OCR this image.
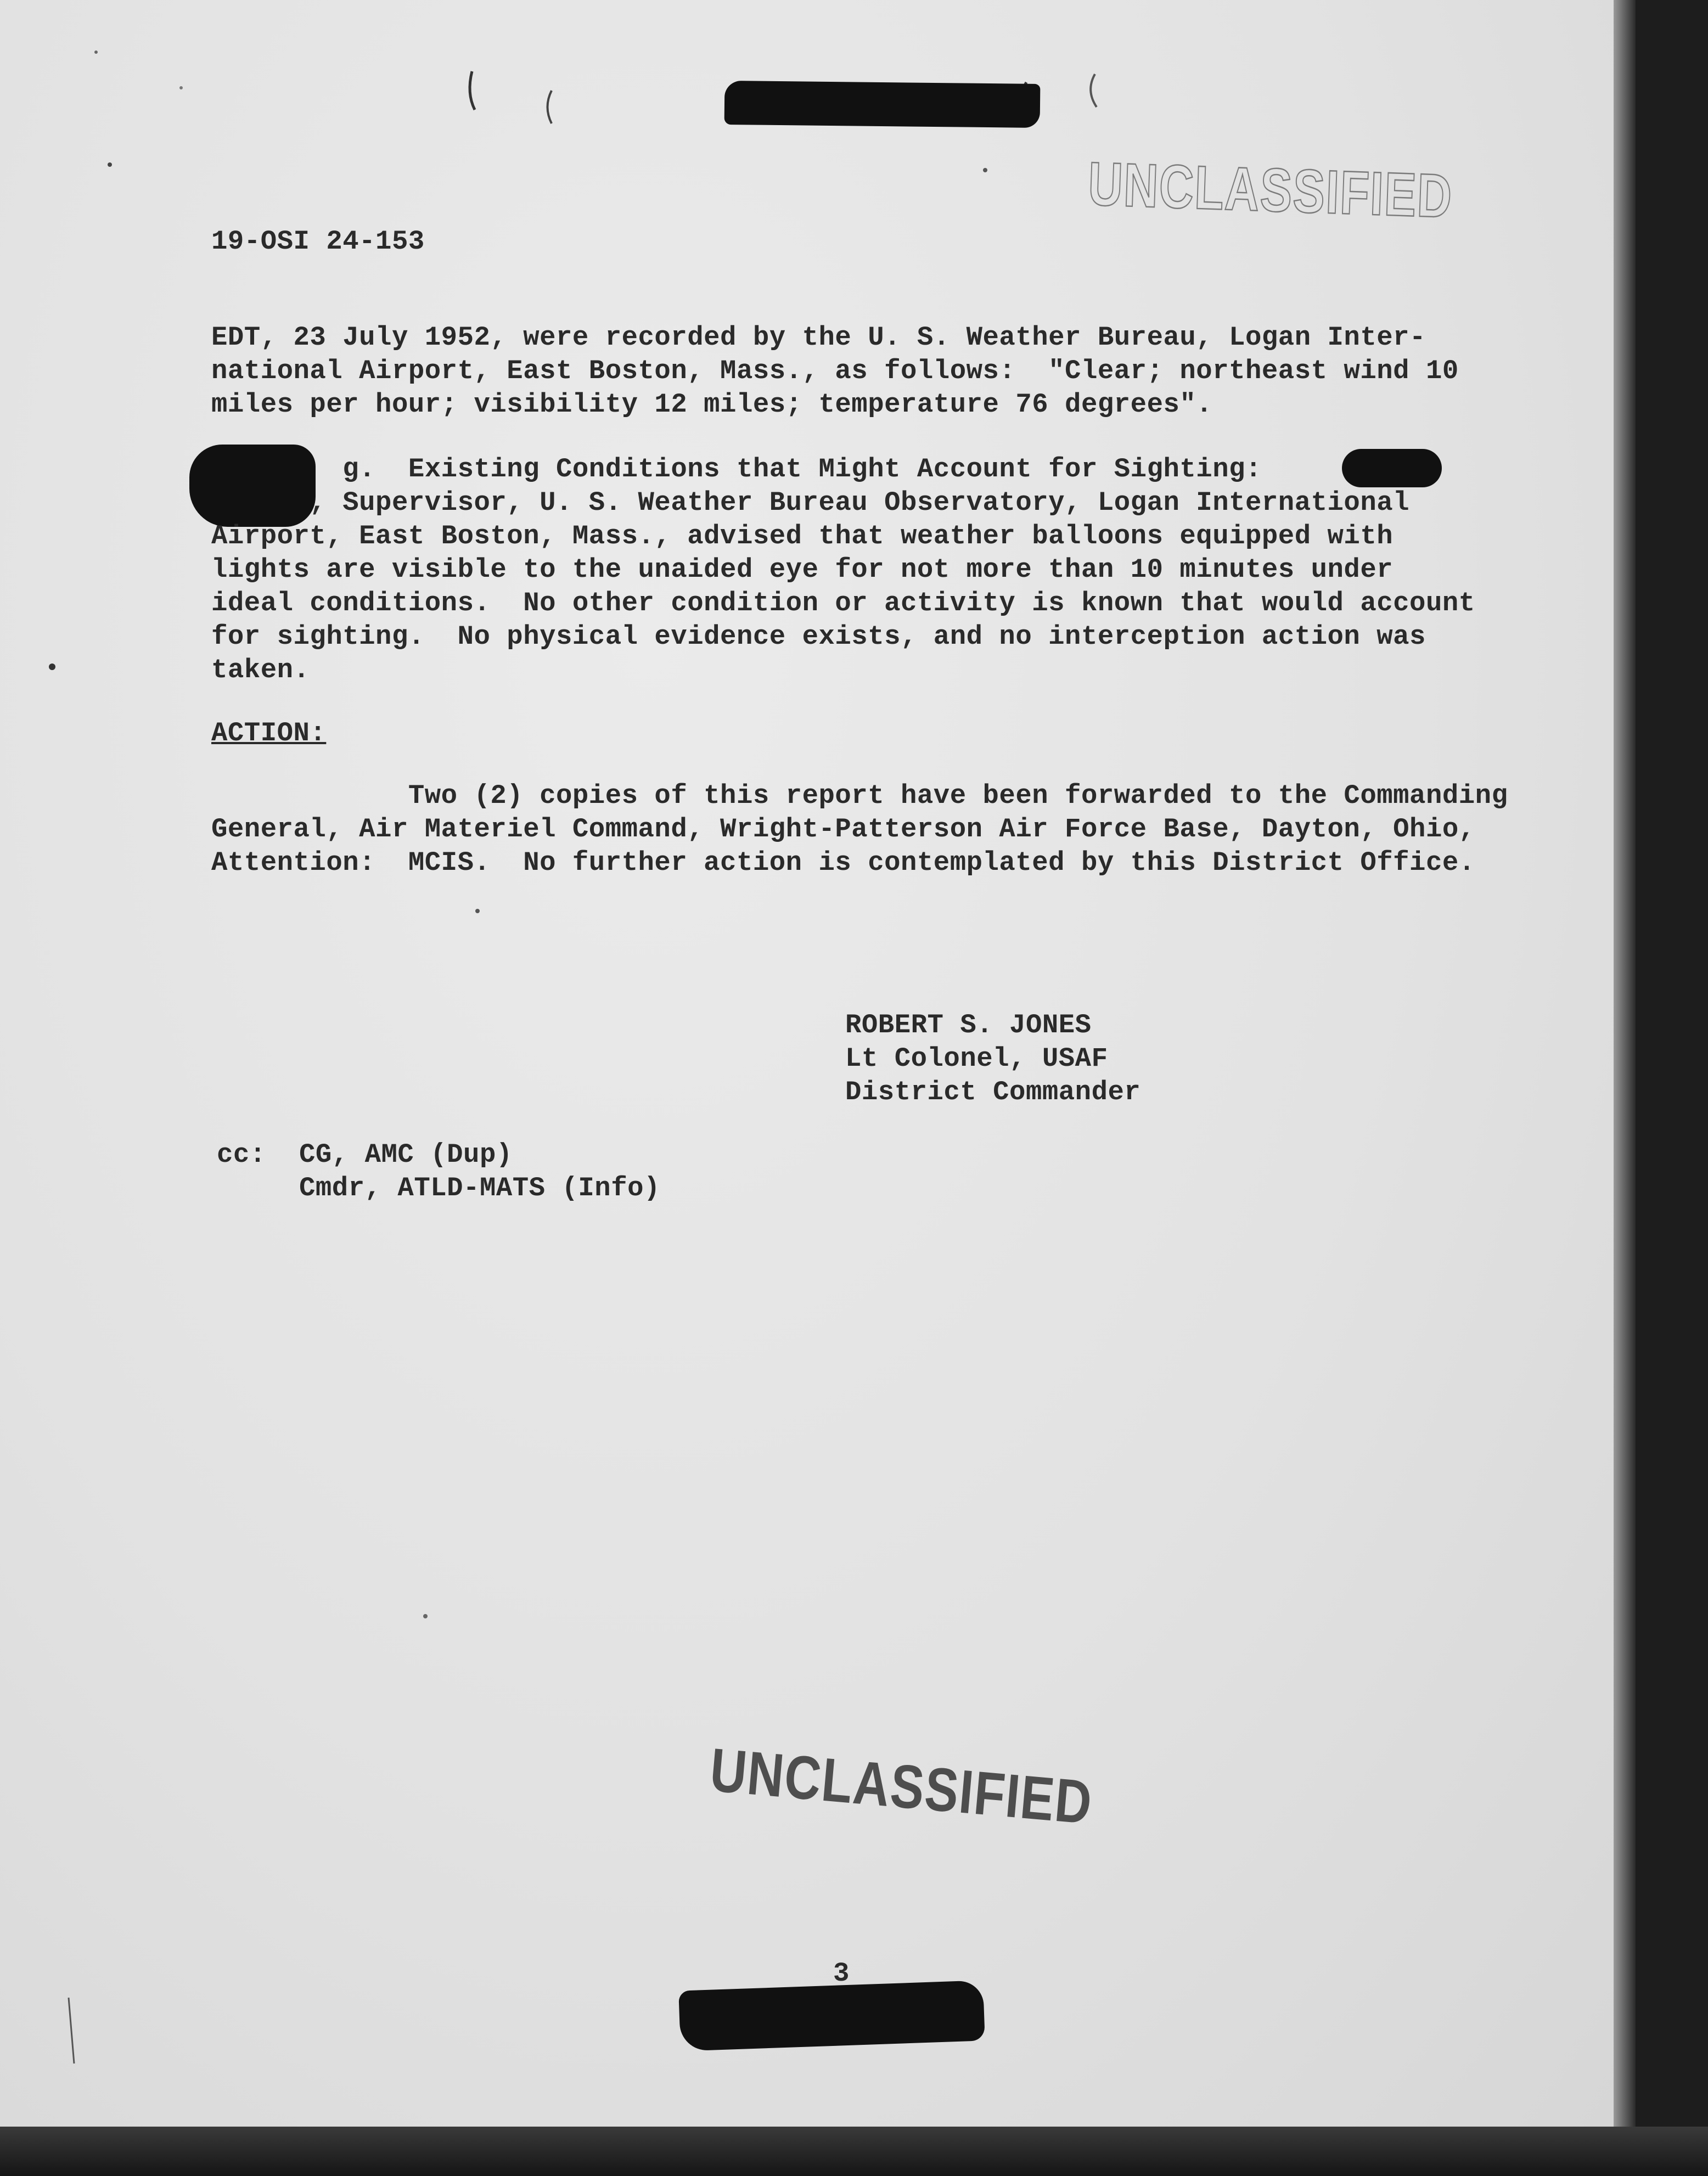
UNCLASSIFIED

19-OSI 24-153

EDT, 23 July 1952, were recorded by the U. S. Weather Bureau, Logan Inter-
national Airport, East Boston, Mass., as follows:  "Clear; northeast wind 10
miles per hour; visibility 12 miles; temperature 76 degrees".

g.  Existing Conditions that Might Account for Sighting:
, Supervisor, U. S. Weather Bureau Observatory, Logan International
Airport, East Boston, Mass., advised that weather balloons equipped with
lights are visible to the unaided eye for not more than 10 minutes under
ideal conditions.  No other condition or activity is known that would account
for sighting.  No physical evidence exists, and no interception action was
taken.

ACTION:

Two (2) copies of this report have been forwarded to the Commanding
General, Air Materiel Command, Wright-Patterson Air Force Base, Dayton, Ohio,
Attention:  MCIS.  No further action is contemplated by this District Office.

ROBERT S. JONES
Lt Colonel, USAF
District Commander

cc: CG, AMC (Dup)
Cmdr, ATLD-MATS (Info)

UNCLASSIFIED

3
